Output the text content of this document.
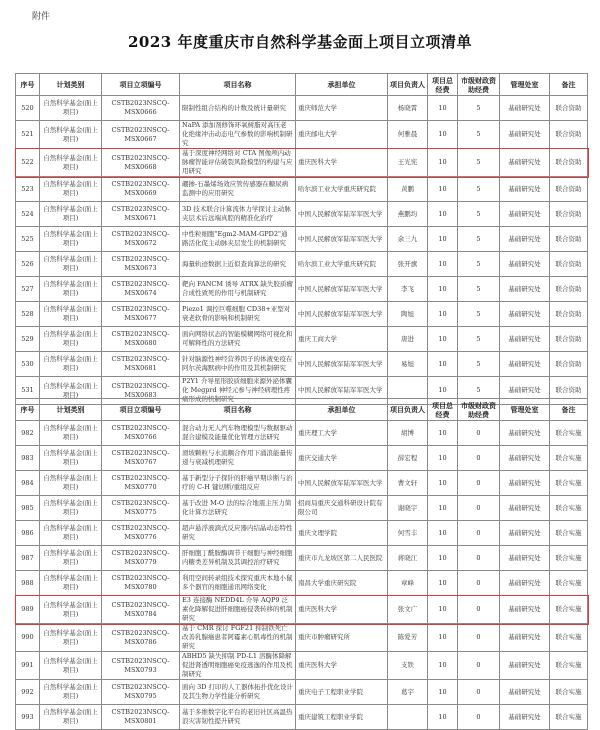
附件
2023 年度重庆市自然科学基金面上项目立项清单
序号	计划类别	项目立项编号	项目名称	承担单位	项目负责人	项目总经费	市级财政资助经费	管理处室	备注
520	自然科学基金(面上项目)	CSTB2023NSCQ-MSX0666	限制性组合结构的计数及统计量研究	重庆师范大学	杨晓霄	10	5	基础研究处	联合资助
521	自然科学基金(面上项目)	CSTB2023NSCQ-MSX0667	NaPA 添加剂修饰环氧树脂对高压老化绝缘冲击动态电气参数的影响机制研究	重庆邮电大学	何雅晨	10	5	基础研究处	联合资助
522	自然科学基金(面上项目)	CSTB2023NSCQ-MSX0668	基于深度神经网络对 CTA 图像颅内动脉瘤智能评估破裂风险模型的构建与应用研究	重庆医科大学	王光宪	10	5	基础研究处	联合资助
523	自然科学基金(面上项目)	CSTB2023NSCQ-MSX0669	硼掺-石墨烯场效应管传感器在糖尿病监测中的应用研究	哈尔滨工业大学重庆研究院	黄鹏	10	5	基础研究处	联合资助
524	自然科学基金(面上项目)	CSTB2023NSCQ-MSX0671	3D 技术联合计算流体力学探讨主动脉夹层术后远端真腔的精准化治疗	中国人民解放军陆军军医大学	燕鹏均	10	5	基础研究处	联合资助
525	自然科学基金(面上项目)	CSTB2023NSCQ-MSX0672	中性粒细胞"Egm2-MAM-GPD2"通路活化促主动脉夹层发生的机制研究	中国人民解放军陆军军医大学	余三九	10	5	基础研究处	联合资助
526	自然科学基金(面上项目)	CSTB2023NSCQ-MSX0673	海量轨迹数据上近似查询算法的研究	哈尔滨工业大学重庆研究院	张开旗	10	5	基础研究处	联合资助
527	自然科学基金(面上项目)	CSTB2023NSCQ-MSX0674	靶向 FANCM 诱导 ATRX 缺失胶质瘤合成性致死的作用与机制研究	中国人民解放军陆军军医大学	李飞	10	5	基础研究处	联合资助
528	自然科学基金(面上项目)	CSTB2023NSCQ-MSX0677	Piezo1 调控巨噬细胞 CD38+亚型对衰老软骨的影响和机制研究	中国人民解放军陆军军医大学	陶旭	10	5	基础研究处	联合资助
529	自然科学基金(面上项目)	CSTB2023NSCQ-MSX0680	面向网络状态的智能模糊网络可视化和可解释性的方法研究	重庆工商大学	唐进	10	5	基础研究处	联合资助
530	自然科学基金(面上项目)	CSTB2023NSCQ-MSX0681	针对脑源性神经营养因子的体液免疫在阿尔茨海默病中的作用及其机制研究	中国人民解放军陆军军医大学	易旭	10	5	基础研究处	联合资助
531	自然科学基金(面上项目)	CSTB2023NSCQ-MSX0683	P2Y1 介导星形胶质细胞来源外泌体囊化 Megprd 神经元参与神经病理性疼痛形成的机制研究	中国人民解放军陆军军医大学		10	5	基础研究处	联合资助
序号	计划类别	项目立项编号	项目名称	承担单位	项目负责人	项目总经费	市级财政资助经费	管理处室	备注
982	自然科学基金(面上项目)	CSTB2023NSCQ-MSX0766	混合动力无人汽车物理模型与数据驱动混合建模及能量优化管理方法研究	重庆理工大学	胡博	10	0	基础研究处	联合实施
983	自然科学基金(面上项目)	CSTB2023NSCQ-MSX0767	滑坡颗粒与水流耦合作用下涌浪能量传递与衰减机理研究	重庆交通大学	薛宏程	10	0	基础研究处	联合实施
984	自然科学基金(面上项目)	CSTB2023NSCQ-MSX0770	基于新型分子探针的肝癌早期诊断与治疗的 C-H 键切断/重组反应	中国人民解放军陆军军医大学	曹文轩	10	0	基础研究处	联合实施
985	自然科学基金(面上项目)	CSTB2023NSCQ-MSX0775	基于改进 M-O 法的综合地震主压力简化计算方法研究	招商局重庆交通科研设计院有限公司	谢晓宇	10	0	基础研究处	联合实施
986	自然科学基金(面上项目)	CSTB2023NSCQ-MSX0776	超声悬浮液滴式反应器内结晶动态特性研究	重庆文理学院	何雪丰	10	0	基础研究处	联合实施
987	自然科学基金(面上项目)	CSTB2023NSCQ-MSX0779	肝细胞丁酰胺酶调节干细胞与神经细胞内糖类差异机制及其调控治疗研究	重庆市九龙坡区第二人民医院	蒋晓江	10	0	基础研究处	联合实施
988	自然科学基金(面上项目)	CSTB2023NSCQ-MSX0780	利用空间转录组技术探究重庆本地小鼠多个器官的细胞通讯网络变化	南昌大学重庆研究院	章峰	10	0	基础研究处	联合实施
989	自然科学基金(面上项目)	CSTB2023NSCQ-MSX0784	E3 连接酶 NEDD4L 介导 AQP9 泛素化降解促进肝细胞癌侵袭转移的机制研究	重庆医科大学	张文广	10	0	基础研究处	联合实施
990	自然科学基金(面上项目)	CSTB2023NSCQ-MSX0786	基于 CMR 探讨 FGF21 抑制铁死亡改善乳腺癌患者阿霉素心肌毒性的机制研究	重庆市肿瘤研究所	陈爱芳	10	0	基础研究处	联合实施
991	自然科学基金(面上项目)	CSTB2023NSCQ-MSX0793	ABHD5 缺失抑制 PD-L1 溶酶体降解促进肾透明细胞癌免疫逃逸的作用及机制研究	重庆医科大学	支铁	10	0	基础研究处	联合实施
992	自然科学基金(面上项目)	CSTB2023NSCQ-MSX0795	面向 3D 打印的人工器体拓扑优化设计及其生物力学性能分析研究	重庆电子工程职业学院	葛宇	10	0	基础研究处	联合实施
993	自然科学基金(面上项目)	CSTB2023NSCQ-MSX0801	基于多维数字化平台的老旧社区高温热浪灾害韧性提升研究	重庆建筑工程职业学院		10	0	基础研究处	联合实施
